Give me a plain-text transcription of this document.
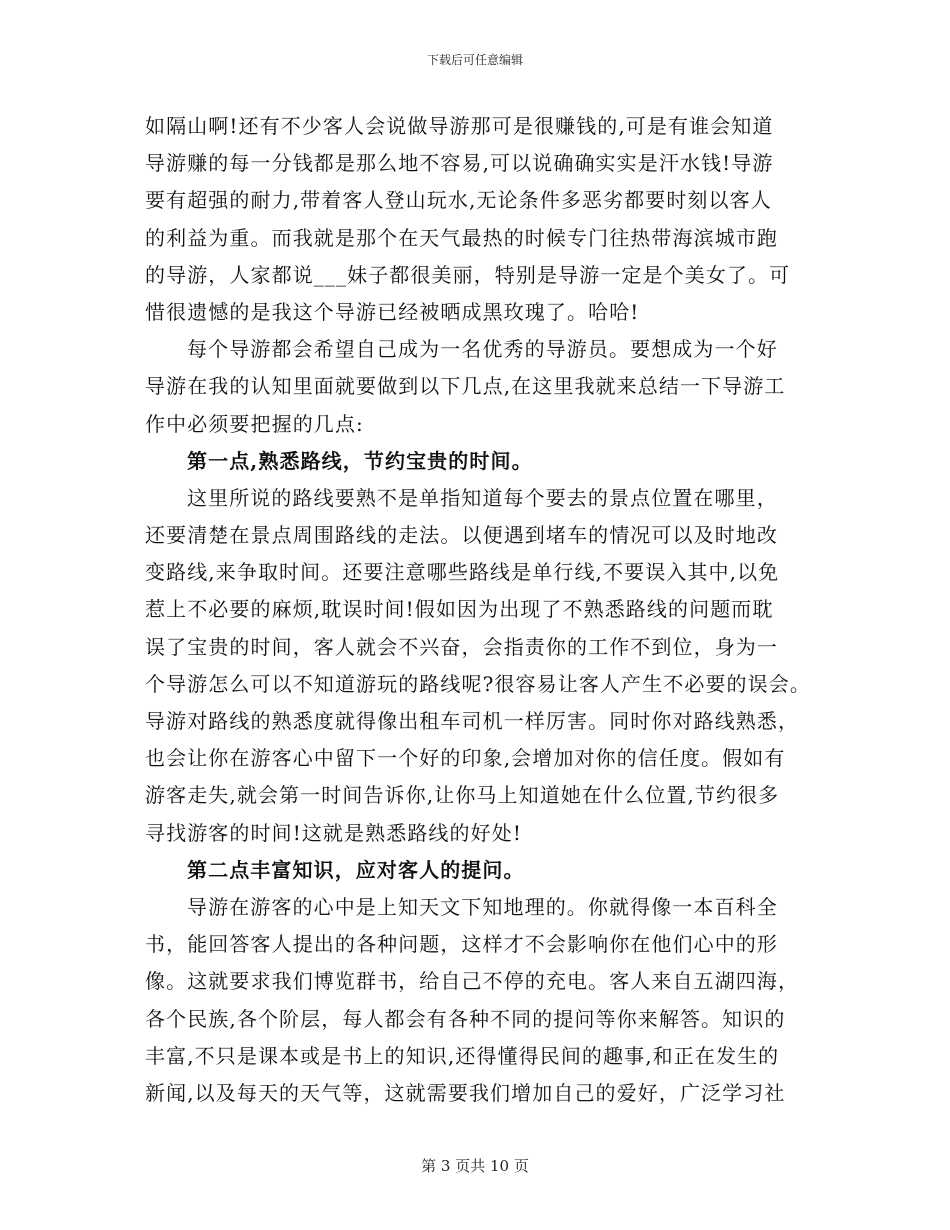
下载后可任意编辑
如隔山啊!还有不少客人会说做导游那可是很赚钱的,可是有谁会知道
导游赚的每一分钱都是那么地不容易,可以说确确实实是汗水钱!导游
要有超强的耐力,带着客人登山玩水,无论条件多恶劣都要时刻以客人
的利益为重。而我就是那个在天气最热的时候专门往热带海滨城市跑
的导游，人家都说___妹子都很美丽，特别是导游一定是个美女了。可
惜很遗憾的是我这个导游已经被晒成黑玫瑰了。哈哈!
每个导游都会希望自己成为一名优秀的导游员。要想成为一个好
导游在我的认知里面就要做到以下几点,在这里我就来总结一下导游工
作中必须要把握的几点:
第一点,熟悉路线，节约宝贵的时间。
这里所说的路线要熟不是单指知道每个要去的景点位置在哪里，
还要清楚在景点周围路线的走法。以便遇到堵车的情况可以及时地改
变路线,来争取时间。还要注意哪些路线是单行线,不要误入其中,以免
惹上不必要的麻烦,耽误时间!假如因为出现了不熟悉路线的问题而耽
误了宝贵的时间，客人就会不兴奋，会指责你的工作不到位，身为一
个导游怎么可以不知道游玩的路线呢?很容易让客人产生不必要的误会。
导游对路线的熟悉度就得像出租车司机一样厉害。同时你对路线熟悉，
也会让你在游客心中留下一个好的印象,会增加对你的信任度。假如有
游客走失,就会第一时间告诉你,让你马上知道她在什么位置,节约很多
寻找游客的时间!这就是熟悉路线的好处!
第二点丰富知识，应对客人的提问。
导游在游客的心中是上知天文下知地理的。你就得像一本百科全
书，能回答客人提出的各种问题，这样才不会影响你在他们心中的形
像。这就要求我们博览群书，给自己不停的充电。客人来自五湖四海，
各个民族,各个阶层，每人都会有各种不同的提问等你来解答。知识的
丰富,不只是课本或是书上的知识,还得懂得民间的趣事,和正在发生的
新闻,以及每天的天气等，这就需要我们增加自己的爱好，广泛学习社
第 3 页共 10 页
